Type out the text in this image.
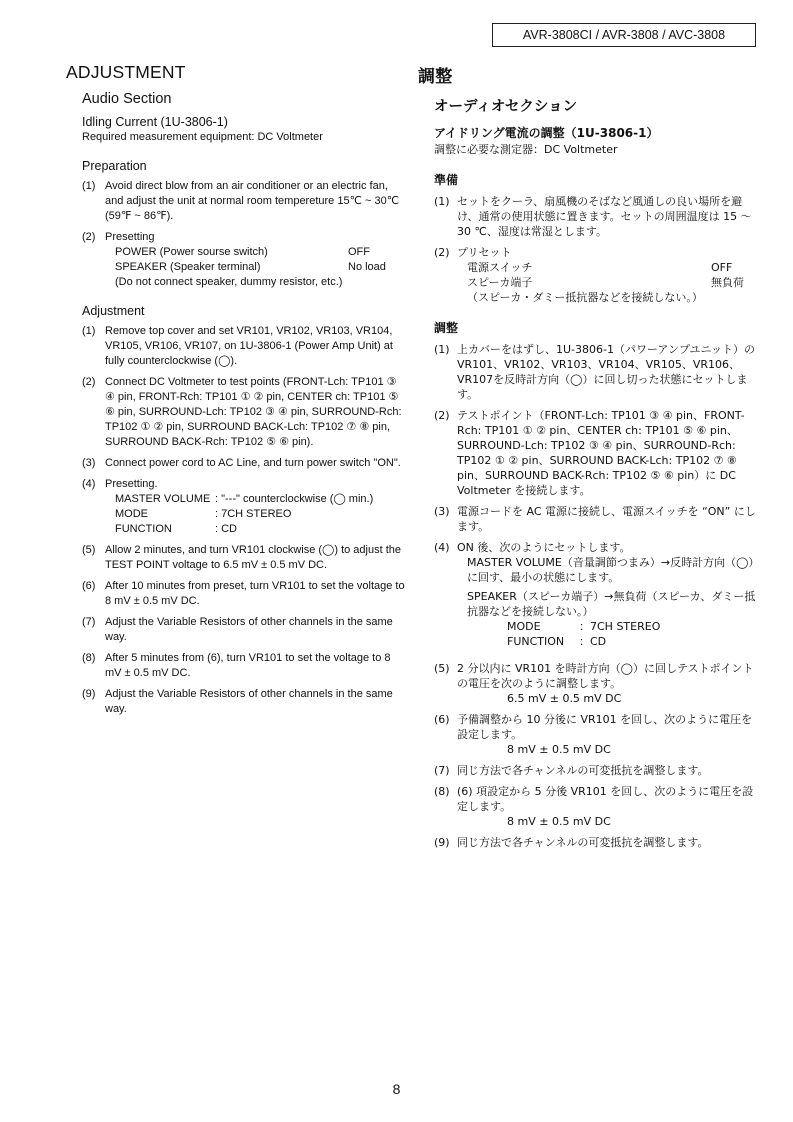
AVR-3808CI / AVR-3808 / AVC-3808
ADJUSTMENT
Audio Section
Idling Current (1U-3806-1)
Required measurement equipment: DC Voltmeter
Preparation
(1) Avoid direct blow from an air conditioner or an electric fan, and adjust the unit at normal room tempereture 15℃ ~ 30℃ (59℉ ~ 86℉).
(2) Presetting
POWER (Power sourse switch)	OFF
SPEAKER (Speaker terminal)	No load
(Do not connect speaker, dummy resistor, etc.)
Adjustment
(1) Remove top cover and set VR101, VR102, VR103, VR104, VR105, VR106, VR107, on 1U-3806-1 (Power Amp Unit) at fully counterclockwise (◯).
(2) Connect DC Voltmeter to test points (FRONT-Lch: TP101 ③ ④ pin, FRONT-Rch: TP101 ① ② pin, CENTER ch: TP101 ⑤ ⑥ pin, SURROUND-Lch: TP102 ③ ④ pin, SURROUND-Rch: TP102 ① ② pin, SURROUND BACK-Lch: TP102 ⑦ ⑧ pin, SURROUND BACK-Rch: TP102 ⑤ ⑥ pin).
(3) Connect power cord to AC Line, and turn power switch "ON".
(4) Presetting.
MASTER VOLUME : "---" counterclockwise (◯ min.)
MODE	: 7CH STEREO
FUNCTION	: CD
(5) Allow 2 minutes, and turn VR101 clockwise (◯) to adjust the TEST POINT voltage to 6.5 mV ± 0.5 mV DC.
(6) After 10 minutes from preset, turn VR101 to set the voltage to 8 mV ± 0.5 mV DC.
(7) Adjust the Variable Resistors of other channels in the same way.
(8) After 5 minutes from (6), turn VR101 to set the voltage to 8 mV ± 0.5 mV DC.
(9) Adjust the Variable Resistors of other channels in the same way.
調整
オーディオセクション
アイドリング電流の調整（1U-3806-1）
調整に必要な測定器：DC Voltmeter
準備
(1) セットをクーラ、扇風機のそばなど風通しの良い場所を避け、通常の使用状態に置きます。セットの周囲温度は 15 ～ 30 ℃、湿度は常湿とします。
(2) プリセット
電源スイッチ	OFF
スピーカ端子	無負荷
（スピーカ・ダミー抵抗器などを接続しない。）
調整
(1) 上カバーをはずし、1U-3806-1（パワーアンプユニット）のVR101、VR102、VR103、VR104、VR105、VR106、VR107を反時計方向（◯）に回し切った状態にセットします。
(2) テストポイント（FRONT-Lch: TP101 ③ ④ pin、FRONT-Rch: TP101 ① ② pin、CENTER ch: TP101 ⑤ ⑥ pin、SURROUND-Lch: TP102 ③ ④ pin、SURROUND-Rch: TP102 ① ② pin、SURROUND BACK-Lch: TP102 ⑦ ⑧ pin、SURROUND BACK-Rch: TP102 ⑤ ⑥ pin）に DC Voltmeter を接続します。
(3) 電源コードを AC 電源に接続し、電源スイッチを “ON” にします。
(4) ON 後、次のようにセットします。
MASTER VOLUME（音量調節つまみ）→反時計方向（◯）に回す、最小の状態にします。
SPEAKER（スピーカ端子）→無負荷（スピーカ、ダミー抵抗器などを接続しない。）
MODE	：7CH STEREO
FUNCTION	：CD
(5) 2 分以内に VR101 を時計方向（◯）に回しテストポイントの電圧を次のように調整します。
6.5 mV ± 0.5 mV DC
(6) 予備調整から 10 分後に VR101 を回し、次のように電圧を設定します。
8 mV ± 0.5 mV DC
(7) 同じ方法で各チャンネルの可変抵抗を調整します。
(8) (6) 項設定から 5 分後 VR101 を回し、次のように電圧を設定します。
8 mV ± 0.5 mV DC
(9) 同じ方法で各チャンネルの可変抵抗を調整します。
8
